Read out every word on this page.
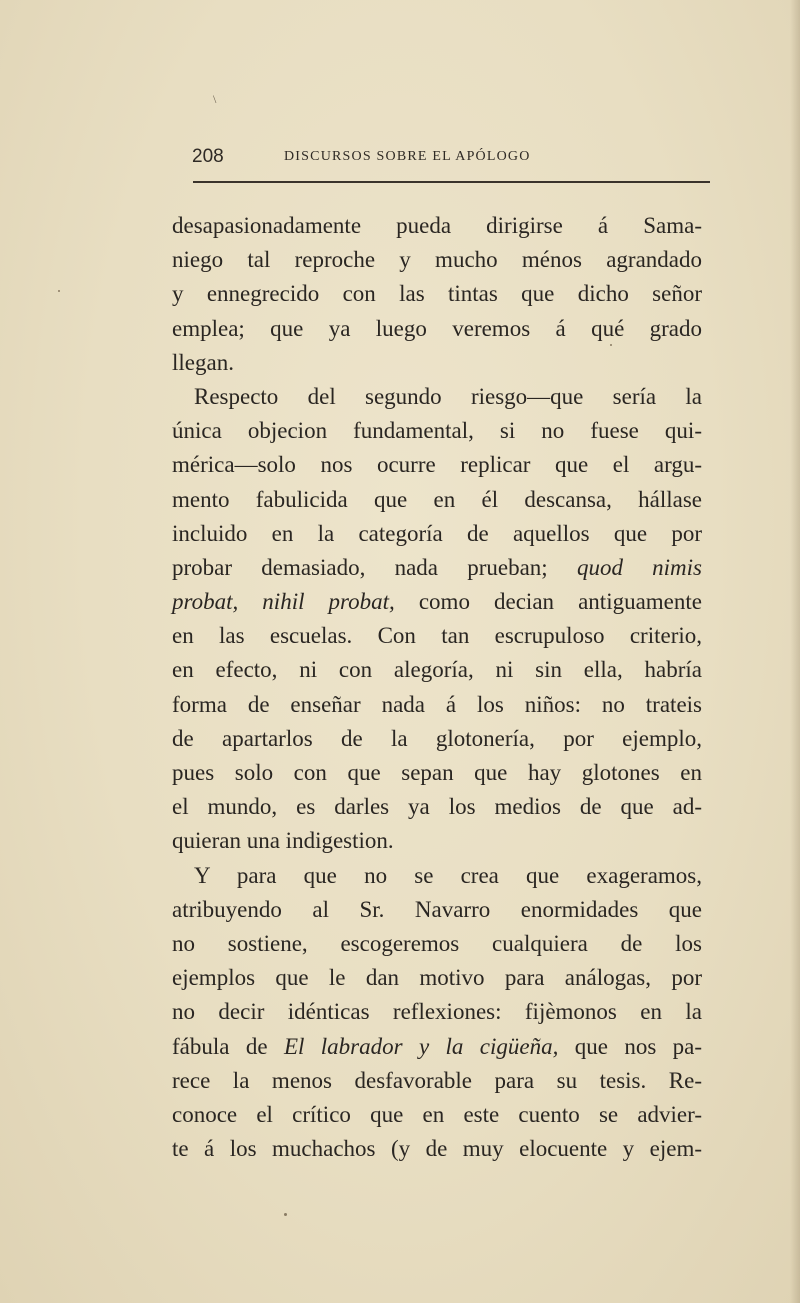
\
208	DISCURSOS SOBRE EL APÓLOGO
desapasionadamente pueda dirigirse á Sama-
niego tal reproche y mucho ménos agrandado
y ennegrecido con las tintas que dicho señor
emplea; que ya luego veremos á qué grado
llegan.
Respecto del segundo riesgo—que sería la
única objecion fundamental, si no fuese qui-
mérica—solo nos ocurre replicar que el argu-
mento fabulicida que en él descansa, hállase
incluido en la categoría de aquellos que por
probar demasiado, nada prueban; quod nimis
probat, nihil probat, como decian antiguamente
en las escuelas. Con tan escrupuloso criterio,
en efecto, ni con alegoría, ni sin ella, habría
forma de enseñar nada á los niños: no trateis
de apartarlos de la glotonería, por ejemplo,
pues solo con que sepan que hay glotones en
el mundo, es darles ya los medios de que ad-
quieran una indigestion.
Y para que no se crea que exageramos,
atribuyendo al Sr. Navarro enormidades que
no sostiene, escogeremos cualquiera de los
ejemplos que le dan motivo para análogas, por
no decir idénticas reflexiones: fijèmonos en la
fábula de El labrador y la cigüeña, que nos pa-
rece la menos desfavorable para su tesis. Re-
conoce el crítico que en este cuento se advier-
te á los muchachos (y de muy elocuente y ejem-
